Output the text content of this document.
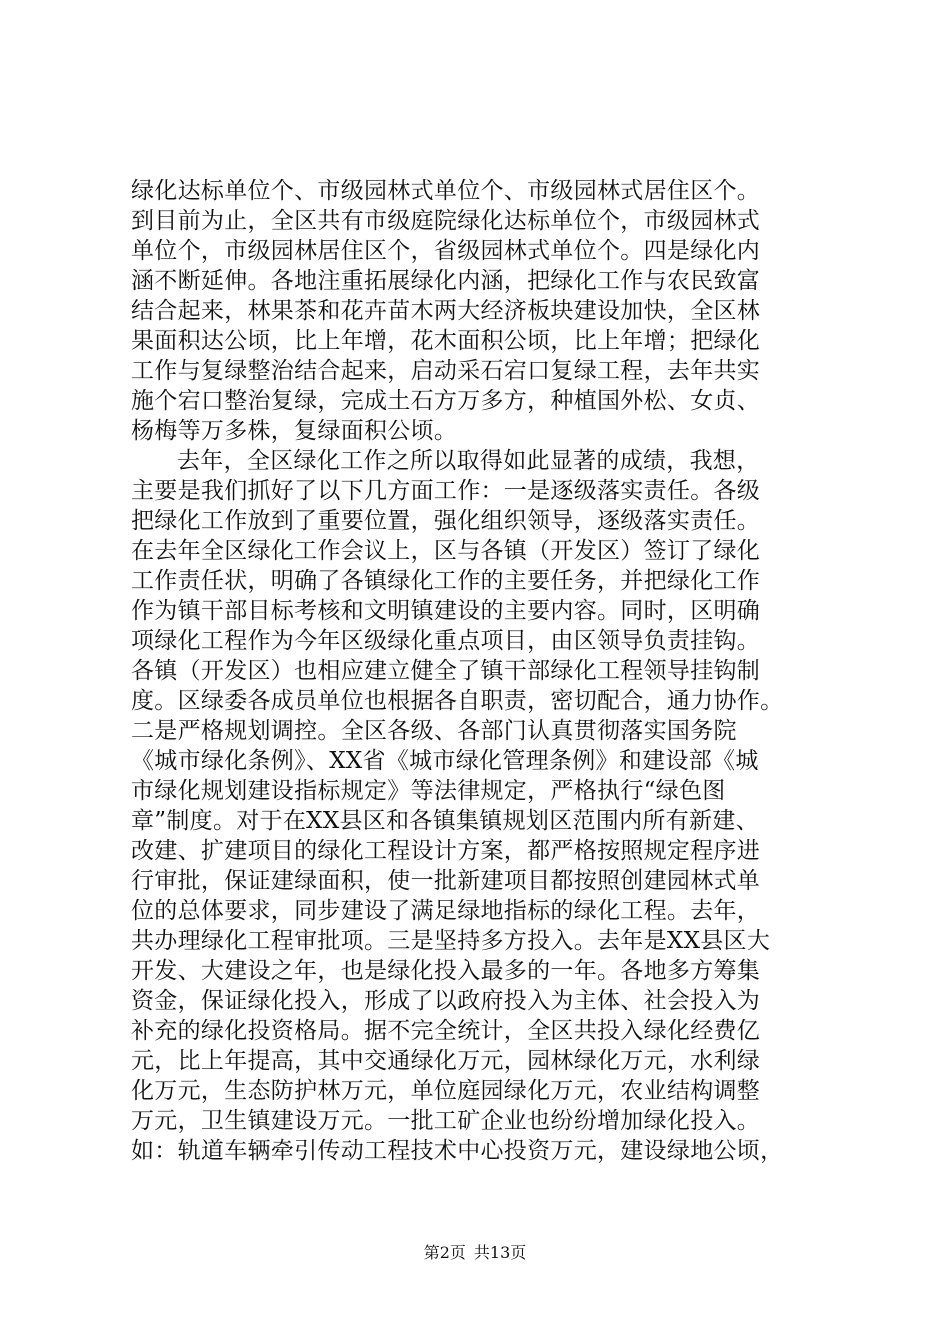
绿化达标单位个、市级园林式单位个、市级园林式居住区个。
到目前为止，全区共有市级庭院绿化达标单位个，市级园林式
单位个，市级园林居住区个，省级园林式单位个。四是绿化内
涵不断延伸。各地注重拓展绿化内涵，把绿化工作与农民致富
结合起来，林果茶和花卉苗木两大经济板块建设加快，全区林
果面积达公顷，比上年增，花木面积公顷，比上年增；把绿化
工作与复绿整治结合起来，启动采石宕口复绿工程，去年共实
施个宕口整治复绿，完成土石方万多方，种植国外松、女贞、
杨梅等万多株，复绿面积公顷。
去年，全区绿化工作之所以取得如此显著的成绩，我想，
主要是我们抓好了以下几方面工作：一是逐级落实责任。各级
把绿化工作放到了重要位置，强化组织领导，逐级落实责任。
在去年全区绿化工作会议上，区与各镇（开发区）签订了绿化
工作责任状，明确了各镇绿化工作的主要任务，并把绿化工作
作为镇干部目标考核和文明镇建设的主要内容。同时，区明确
项绿化工程作为今年区级绿化重点项目，由区领导负责挂钩。
各镇（开发区）也相应建立健全了镇干部绿化工程领导挂钩制
度。区绿委各成员单位也根据各自职责，密切配合，通力协作。
二是严格规划调控。全区各级、各部门认真贯彻落实国务院
《城市绿化条例》、XX省《城市绿化管理条例》和建设部《城
市绿化规划建设指标规定》等法律规定，严格执行“绿色图
章”制度。对于在XX县区和各镇集镇规划区范围内所有新建、
改建、扩建项目的绿化工程设计方案，都严格按照规定程序进
行审批，保证建绿面积，使一批新建项目都按照创建园林式单
位的总体要求，同步建设了满足绿地指标的绿化工程。去年，
共办理绿化工程审批项。三是坚持多方投入。去年是XX县区大
开发、大建设之年，也是绿化投入最多的一年。各地多方筹集
资金，保证绿化投入，形成了以政府投入为主体、社会投入为
补充的绿化投资格局。据不完全统计，全区共投入绿化经费亿
元，比上年提高，其中交通绿化万元，园林绿化万元，水利绿
化万元，生态防护林万元，单位庭园绿化万元，农业结构调整
万元，卫生镇建设万元。一批工矿企业也纷纷增加绿化投入。
如：轨道车辆牵引传动工程技术中心投资万元，建设绿地公顷，
第2页 共13页
